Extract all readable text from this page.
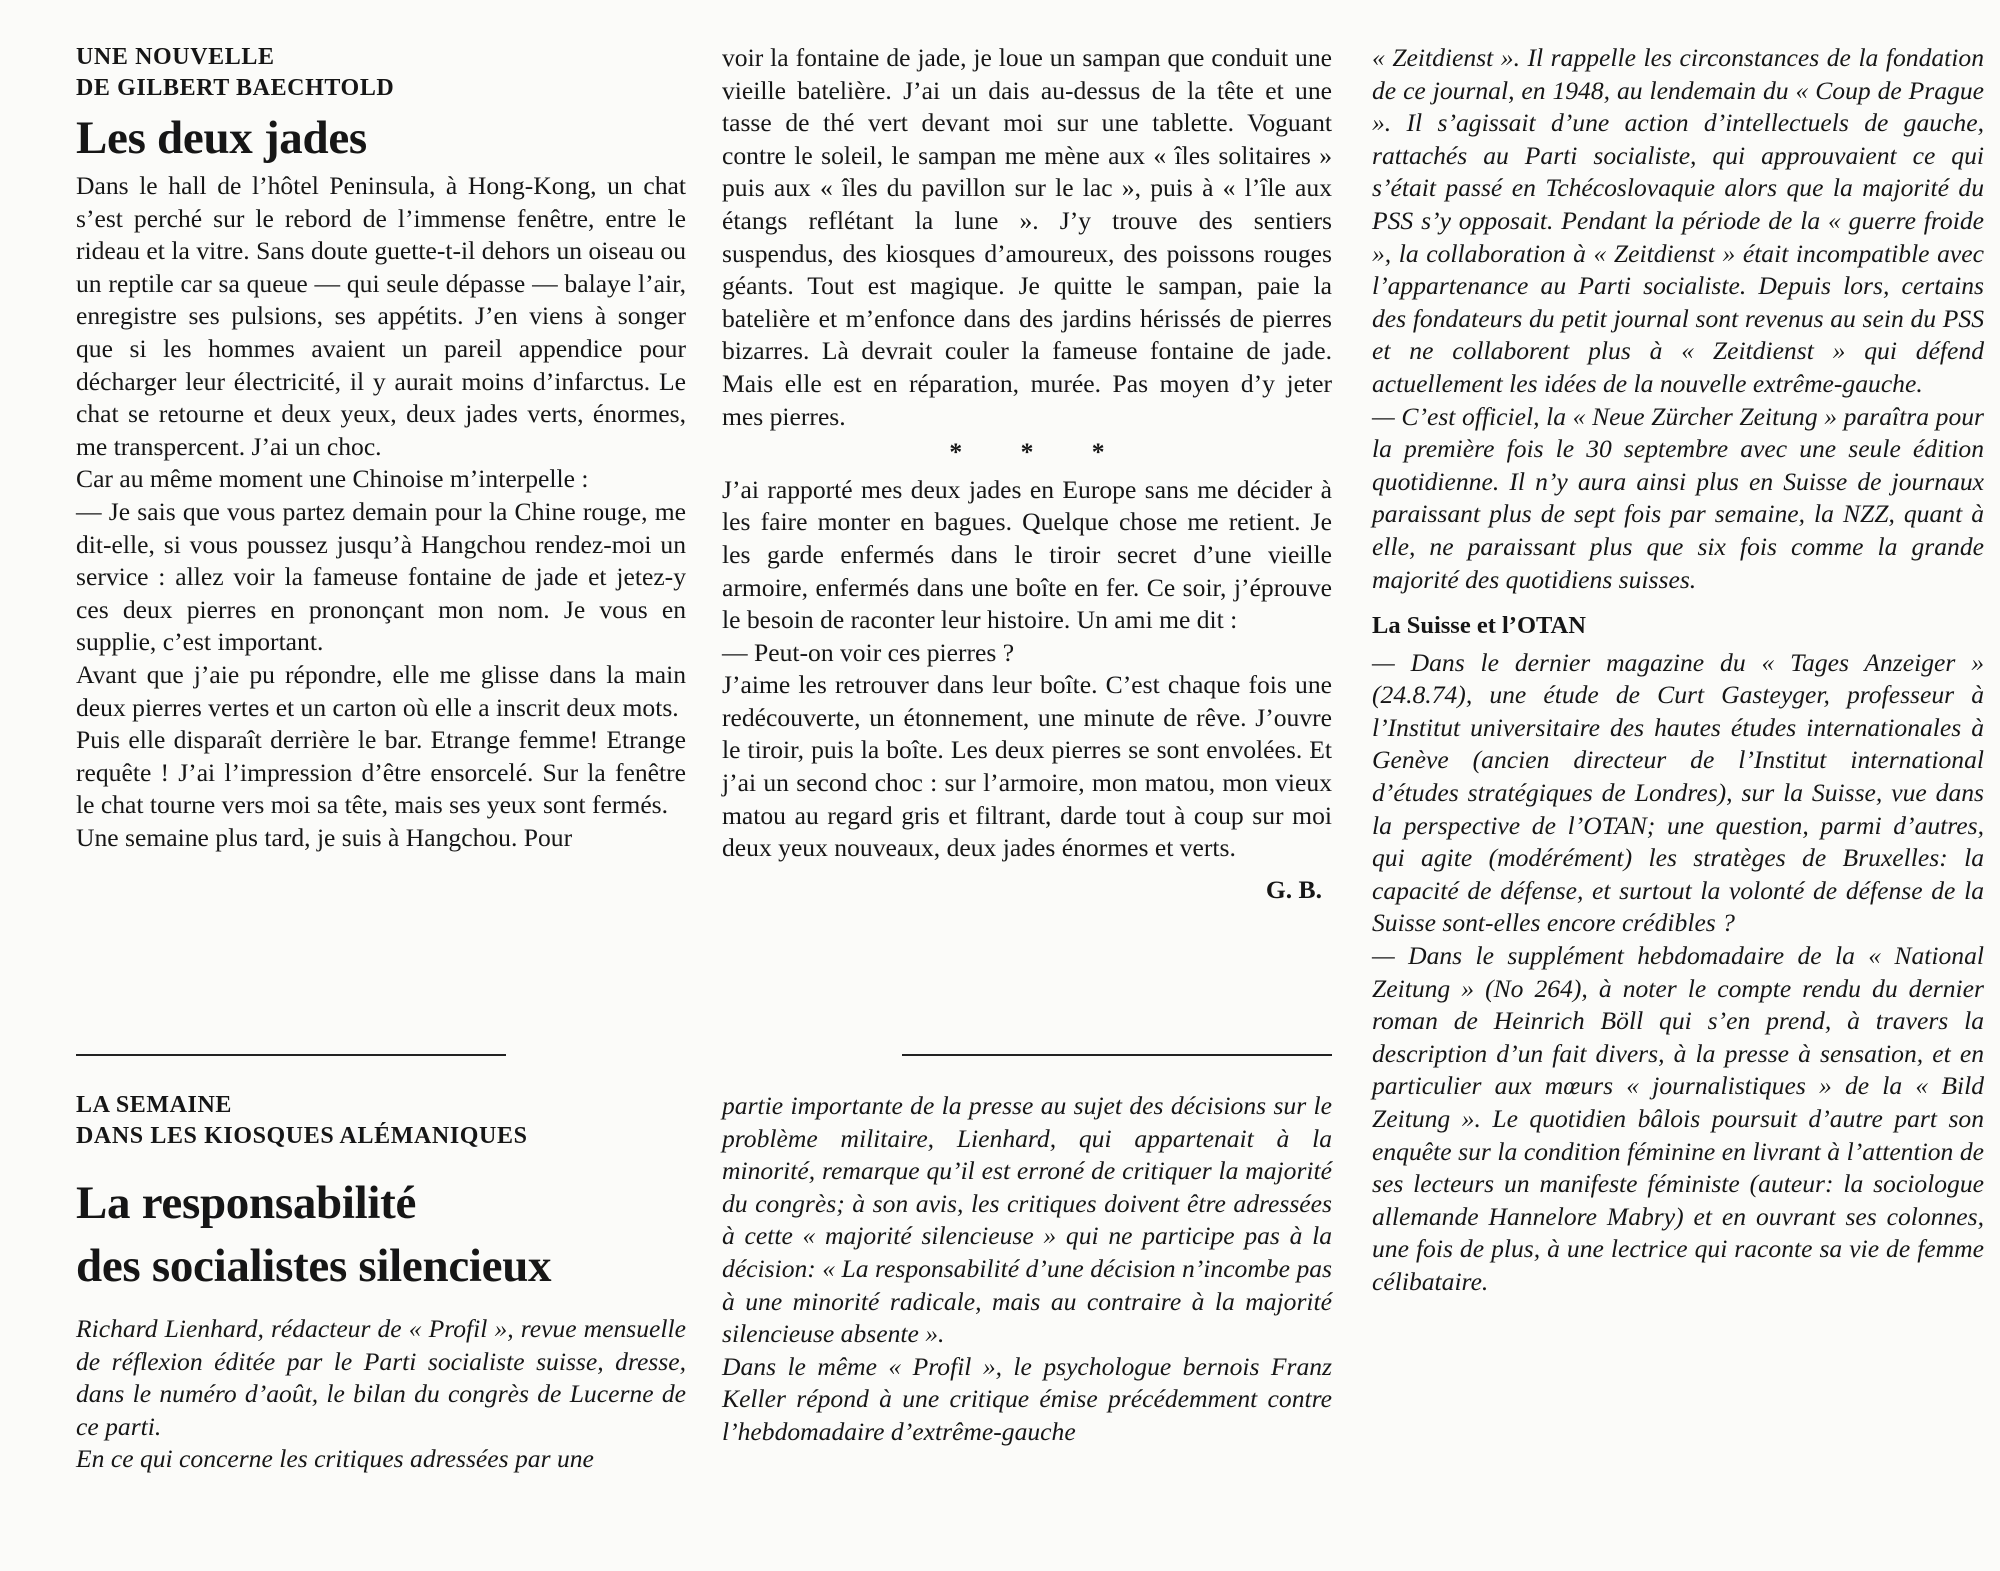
UNE NOUVELLE
DE GILBERT BAECHTOLD
Les deux jades

Dans le hall de l’hôtel Peninsula, à Hong-Kong, un chat s’est perché sur le rebord de l’immense fenêtre, entre le rideau et la vitre. Sans doute guette-t-il dehors un oiseau ou un reptile car sa queue — qui seule dépasse — balaye l’air, enregistre ses pulsions, ses appétits. J’en viens à songer que si les hommes avaient un pareil appendice pour décharger leur électricité, il y aurait moins d’infarctus. Le chat se retourne et deux yeux, deux jades verts, énormes, me transpercent. J’ai un choc.

Car au même moment une Chinoise m’interpelle :

— Je sais que vous partez demain pour la Chine rouge, me dit-elle, si vous poussez jusqu’à Hangchou rendez-moi un service : allez voir la fameuse fontaine de jade et jetez-y ces deux pierres en prononçant mon nom. Je vous en supplie, c’est important.

Avant que j’aie pu répondre, elle me glisse dans la main deux pierres vertes et un carton où elle a inscrit deux mots.

Puis elle disparaît derrière le bar. Etrange femme! Etrange requête ! J’ai l’impression d’être ensorcelé. Sur la fenêtre le chat tourne vers moi sa tête, mais ses yeux sont fermés.

Une semaine plus tard, je suis à Hangchou. Pour

voir la fontaine de jade, je loue un sampan que conduit une vieille batelière. J’ai un dais au-dessus de la tête et une tasse de thé vert devant moi sur une tablette. Voguant contre le soleil, le sampan me mène aux « îles solitaires » puis aux « îles du pavillon sur le lac », puis à « l’île aux étangs reflétant la lune ». J’y trouve des sentiers suspendus, des kiosques d’amoureux, des poissons rouges géants. Tout est magique. Je quitte le sampan, paie la batelière et m’enfonce dans des jardins hérissés de pierres bizarres. Là devrait couler la fameuse fontaine de jade. Mais elle est en réparation, murée. Pas moyen d’y jeter mes pierres.

* * *

J’ai rapporté mes deux jades en Europe sans me décider à les faire monter en bagues. Quelque chose me retient. Je les garde enfermés dans le tiroir secret d’une vieille armoire, enfermés dans une boîte en fer. Ce soir, j’éprouve le besoin de raconter leur histoire. Un ami me dit :

— Peut-on voir ces pierres ?

J’aime les retrouver dans leur boîte. C’est chaque fois une redécouverte, un étonnement, une minute de rêve. J’ouvre le tiroir, puis la boîte. Les deux pierres se sont envolées. Et j’ai un second choc : sur l’armoire, mon matou, mon vieux matou au regard gris et filtrant, darde tout à coup sur moi deux yeux nouveaux, deux jades énormes et verts.

G. B.
LA SEMAINE
DANS LES KIOSQUES ALÉMANIQUES
La responsabilité
des socialistes silencieux

Richard Lienhard, rédacteur de « Profil », revue mensuelle de réflexion éditée par le Parti socialiste suisse, dresse, dans le numéro d’août, le bilan du congrès de Lucerne de ce parti.

En ce qui concerne les critiques adressées par une

partie importante de la presse au sujet des décisions sur le problème militaire, Lienhard, qui appartenait à la minorité, remarque qu’il est erroné de critiquer la majorité du congrès; à son avis, les critiques doivent être adressées à cette « majorité silencieuse » qui ne participe pas à la décision: « La responsabilité d’une décision n’incombe pas à une minorité radicale, mais au contraire à la majorité silencieuse absente ».

Dans le même « Profil », le psychologue bernois Franz Keller répond à une critique émise précédemment contre l’hebdomadaire d’extrême-gauche

« Zeitdienst ». Il rappelle les circonstances de la fondation de ce journal, en 1948, au lendemain du « Coup de Prague ». Il s’agissait d’une action d’intellectuels de gauche, rattachés au Parti socialiste, qui approuvaient ce qui s’était passé en Tchécoslovaquie alors que la majorité du PSS s’y opposait. Pendant la période de la « guerre froide », la collaboration à « Zeitdienst » était incompatible avec l’appartenance au Parti socialiste. Depuis lors, certains des fondateurs du petit journal sont revenus au sein du PSS et ne collaborent plus à « Zeitdienst » qui défend actuellement les idées de la nouvelle extrême-gauche.

— C’est officiel, la « Neue Zürcher Zeitung » paraîtra pour la première fois le 30 septembre avec une seule édition quotidienne. Il n’y aura ainsi plus en Suisse de journaux paraissant plus de sept fois par semaine, la NZZ, quant à elle, ne paraissant plus que six fois comme la grande majorité des quotidiens suisses.

La Suisse et l’OTAN

— Dans le dernier magazine du « Tages Anzeiger » (24.8.74), une étude de Curt Gasteyger, professeur à l’Institut universitaire des hautes études internationales à Genève (ancien directeur de l’Institut international d’études stratégiques de Londres), sur la Suisse, vue dans la perspective de l’OTAN; une question, parmi d’autres, qui agite (modérément) les stratèges de Bruxelles: la capacité de défense, et surtout la volonté de défense de la Suisse sont-elles encore crédibles ?

— Dans le supplément hebdomadaire de la « National Zeitung » (No 264), à noter le compte rendu du dernier roman de Heinrich Böll qui s’en prend, à travers la description d’un fait divers, à la presse à sensation, et en particulier aux mœurs « journalistiques » de la « Bild Zeitung ». Le quotidien bâlois poursuit d’autre part son enquête sur la condition féminine en livrant à l’attention de ses lecteurs un manifeste féministe (auteur: la sociologue allemande Hannelore Mabry) et en ouvrant ses colonnes, une fois de plus, à une lectrice qui raconte sa vie de femme célibataire.
